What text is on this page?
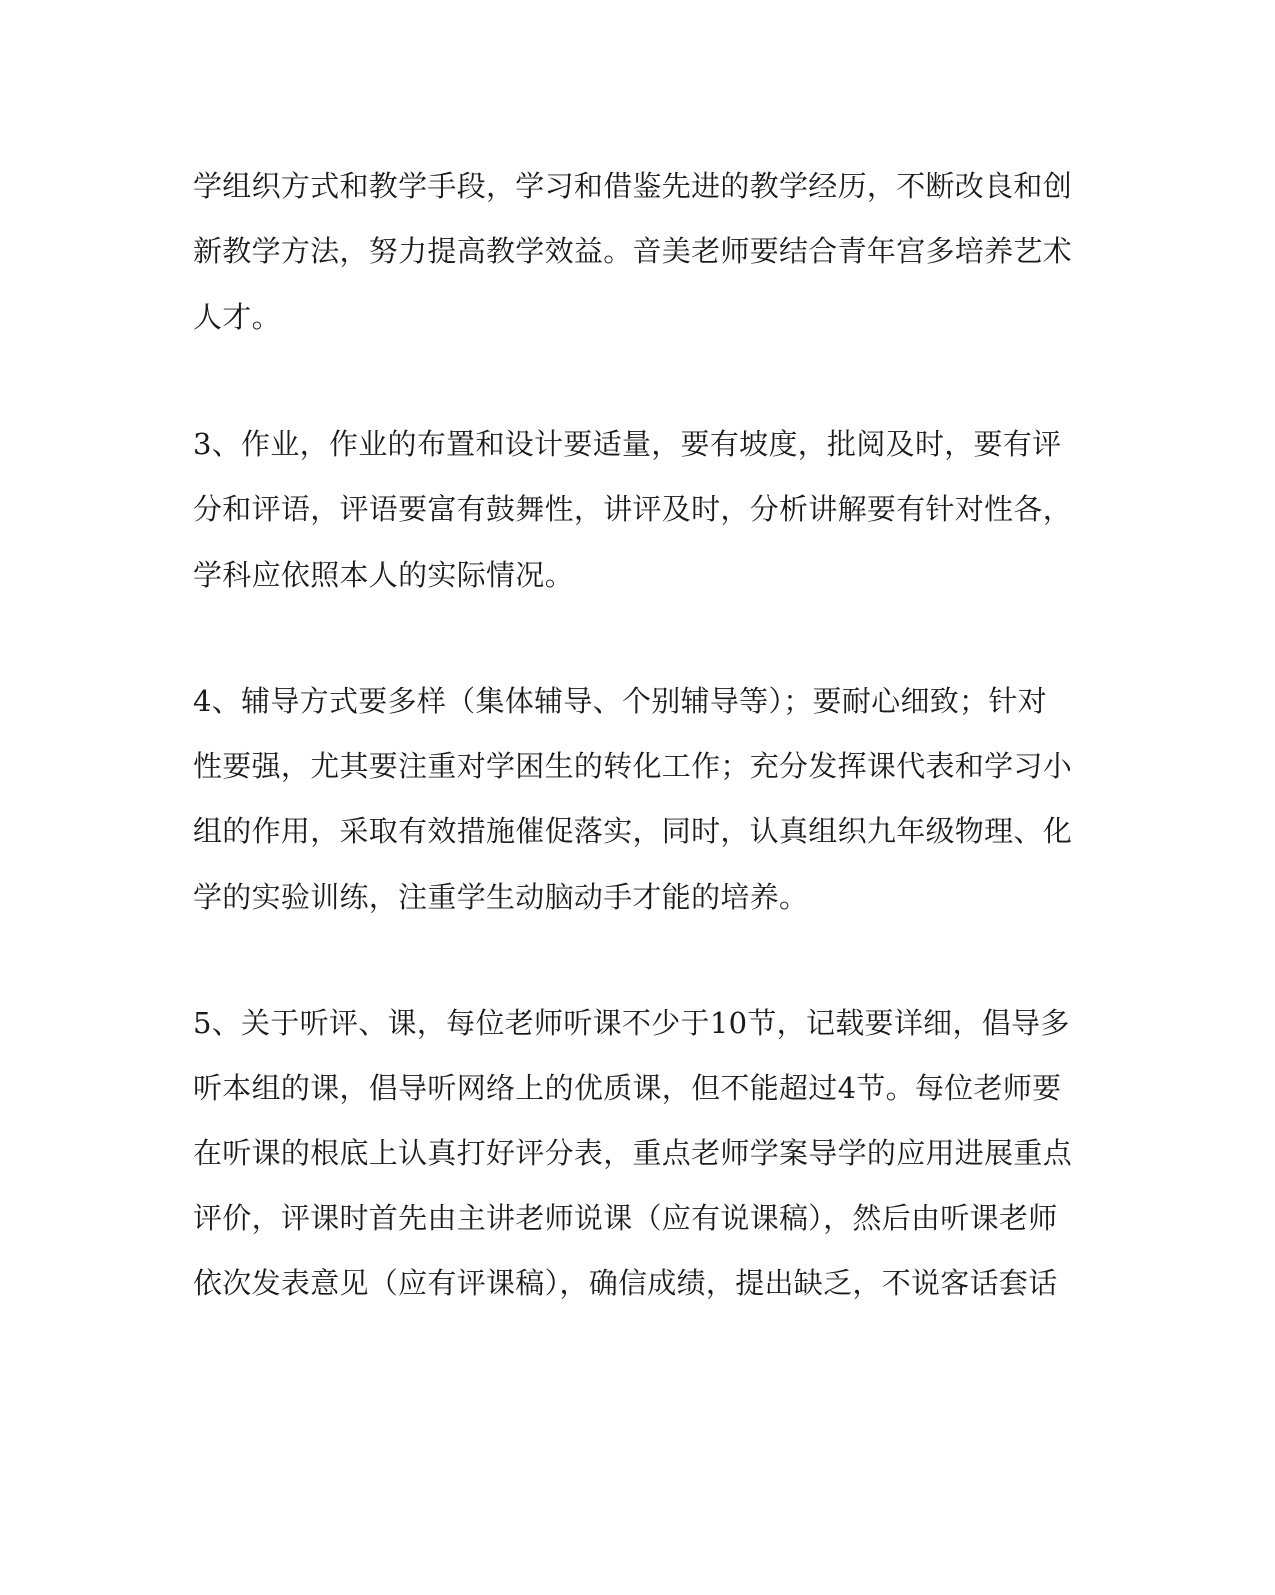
学组织方式和教学手段，学习和借鉴先进的教学经历，不断改良和创
新教学方法，努力提高教学效益。音美老师要结合青年宫多培养艺术
人才。
3、作业，作业的布置和设计要适量，要有坡度，批阅及时，要有评
分和评语，评语要富有鼓舞性，讲评及时，分析讲解要有针对性各，
学科应依照本人的实际情况。
4、辅导方式要多样（集体辅导、个别辅导等）；要耐心细致；针对
性要强，尤其要注重对学困生的转化工作；充分发挥课代表和学习小
组的作用，采取有效措施催促落实，同时，认真组织九年级物理、化
学的实验训练，注重学生动脑动手才能的培养。
5、关于听评、课，每位老师听课不少于10节，记载要详细，倡导多
听本组的课，倡导听网络上的优质课，但不能超过4节。每位老师要
在听课的根底上认真打好评分表，重点老师学案导学的应用进展重点
评价，评课时首先由主讲老师说课（应有说课稿），然后由听课老师
依次发表意见（应有评课稿），确信成绩，提出缺乏，不说客话套话
